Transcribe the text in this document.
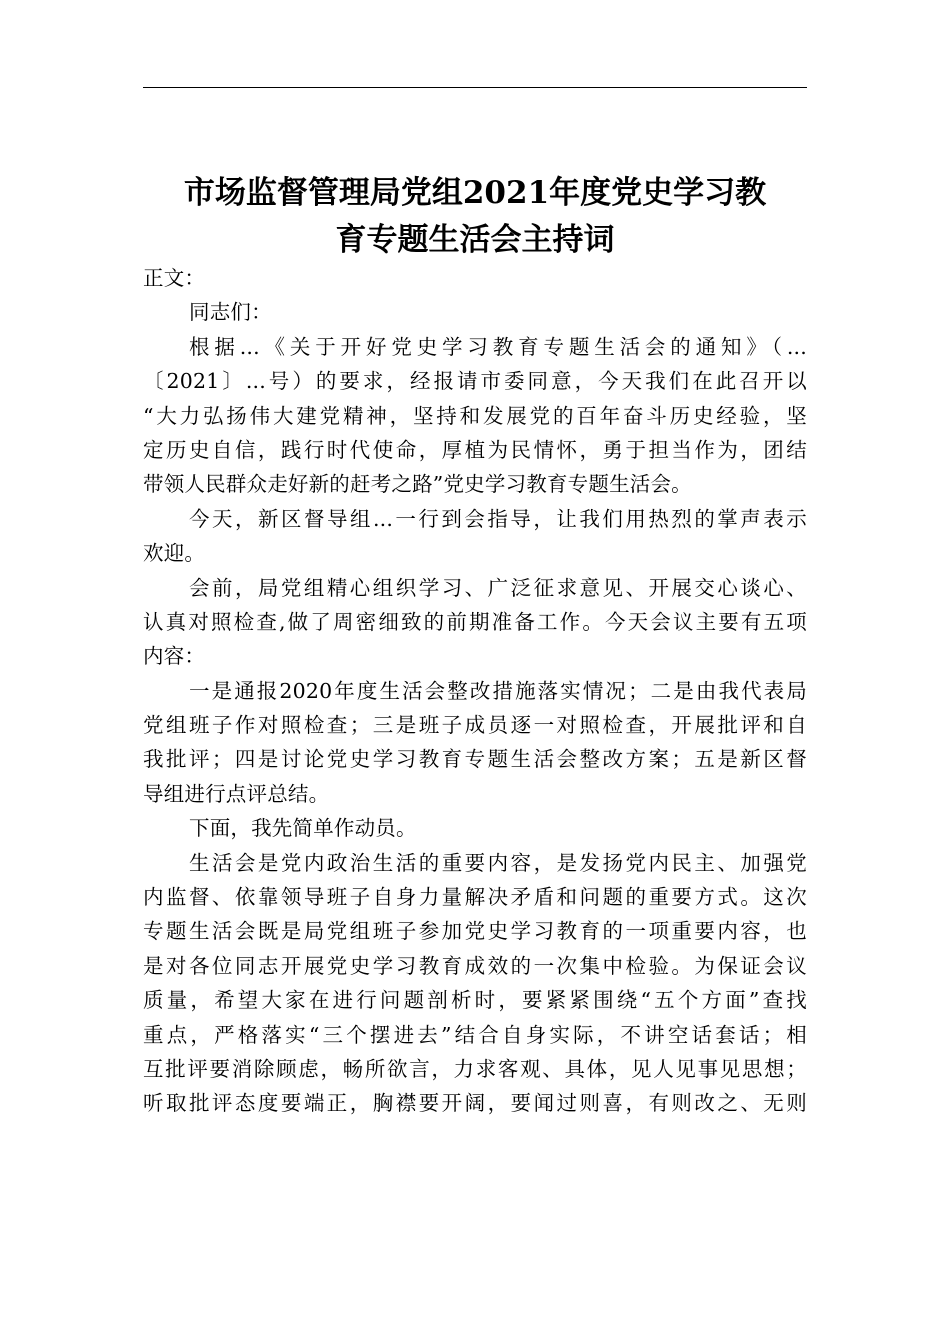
市场监督管理局党组2021年度党史学习教
育专题生活会主持词
正文：
同志们：
根据...《关于开好党史学习教育专题生活会的通知》（...
〔2021〕...号）的要求，经报请市委同意，今天我们在此召开以
“大力弘扬伟大建党精神，坚持和发展党的百年奋斗历史经验，坚
定历史自信，践行时代使命，厚植为民情怀，勇于担当作为，团结
带领人民群众走好新的赶考之路”党史学习教育专题生活会。
今天，新区督导组...一行到会指导，让我们用热烈的掌声表示
欢迎。
会前，局党组精心组织学习、广泛征求意见、开展交心谈心、
认真对照检查,做了周密细致的前期准备工作。今天会议主要有五项
内容：
一是通报2020年度生活会整改措施落实情况；二是由我代表局
党组班子作对照检查；三是班子成员逐一对照检查，开展批评和自
我批评；四是讨论党史学习教育专题生活会整改方案；五是新区督
导组进行点评总结。
下面，我先简单作动员。
生活会是党内政治生活的重要内容，是发扬党内民主、加强党
内监督、依靠领导班子自身力量解决矛盾和问题的重要方式。这次
专题生活会既是局党组班子参加党史学习教育的一项重要内容，也
是对各位同志开展党史学习教育成效的一次集中检验。为保证会议
质量，希望大家在进行问题剖析时，要紧紧围绕“五个方面”查找
重点，严格落实“三个摆进去”结合自身实际，不讲空话套话；相
互批评要消除顾虑，畅所欲言，力求客观、具体，见人见事见思想；
听取批评态度要端正，胸襟要开阔，要闻过则喜，有则改之、无则
